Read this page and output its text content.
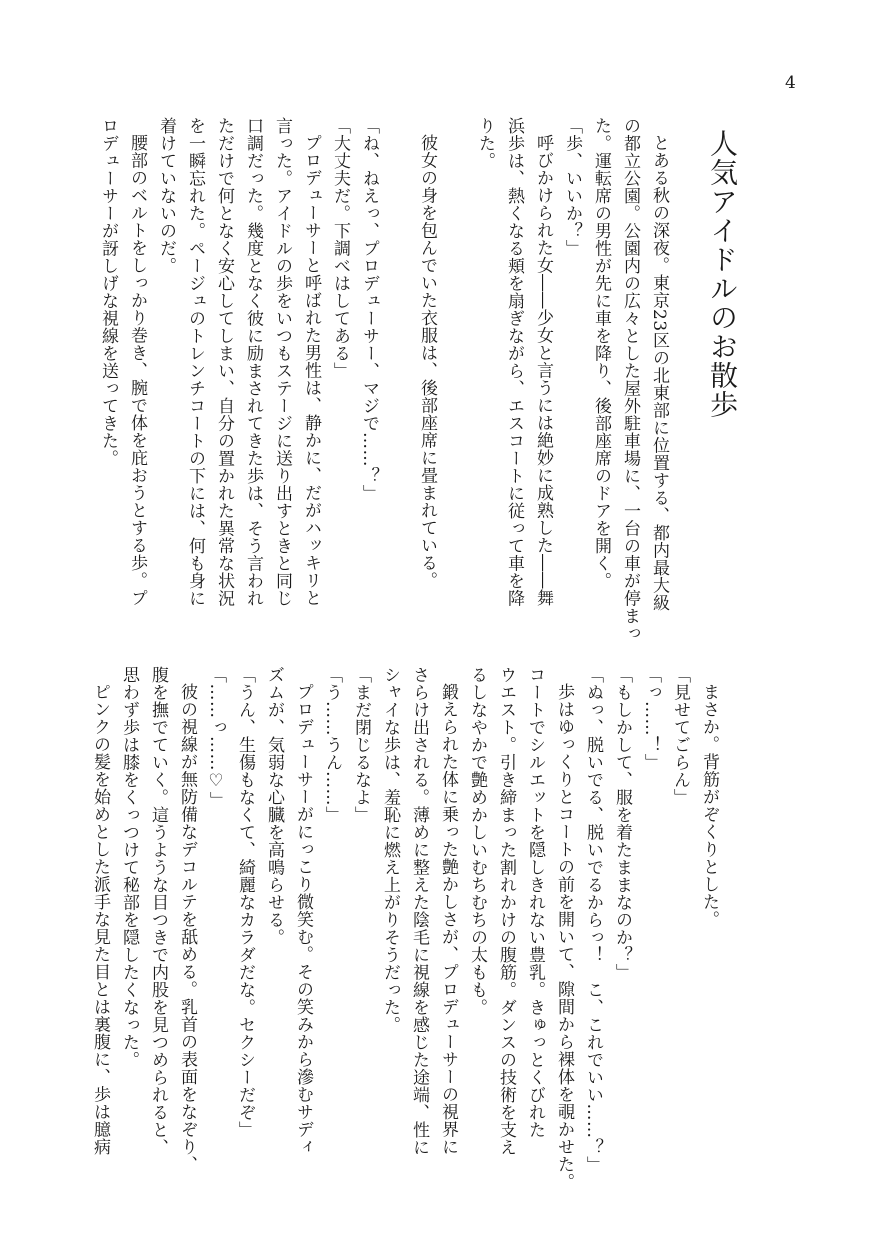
4

人気アイドルのお散歩

とある秋の深夜。東京23区の北東部に位置する、都内最大級
の都立公園。公園内の広々とした屋外駐車場に、一台の車が停まっ
た。運転席の男性が先に車を降り、後部座席のドアを開く。
「歩、いいか？」
呼びかけられた女――少女と言うには絶妙に成熟した――舞
浜歩は、熱くなる頬を扇ぎながら、エスコートに従って車を降
りた。

彼女の身を包んでいた衣服は、後部座席に畳まれている。

「ね、ねえっ、プロデューサー、マジで……？」
「大丈夫だ。下調べはしてある」
プロデューサーと呼ばれた男性は、静かに、だがハッキリと
言った。アイドルの歩をいつもステージに送り出すときと同じ
口調だった。幾度となく彼に励まされてきた歩は、そう言われ
ただけで何となく安心してしまい、自分の置かれた異常な状況
を一瞬忘れた。ページュのトレンチコートの下には、何も身に
着けていないのだ。
腰部のベルトをしっかり巻き、腕で体を庇おうとする歩。プ
ロデューサーが訝しげな視線を送ってきた。

まさか。背筋がぞくりとした。
「見せてごらん」
「っ……！」
「もしかして、服を着たままなのか？」
「ぬっ、脱いでる、脱いでるからっ！　こ、これでいい……？」
歩はゆっくりとコートの前を開いて、隙間から裸体を覗かせた。
コートでシルエットを隠しきれない豊乳。きゅっとくびれた
ウエスト。引き締まった割れかけの腹筋。ダンスの技術を支え
るしなやかで艶めかしいむちむちの太もも。
鍛えられた体に乗った艶かしさが、プロデューサーの視界に
さらけ出される。薄めに整えた陰毛に視線を感じた途端、性に
シャイな歩は、羞恥に燃え上がりそうだった。
「まだ閉じるなよ」
「う……うん……」
プロデューサーがにっこり微笑む。その笑みから滲むサディ
ズムが、気弱な心臓を高鳴らせる。
「うん、生傷もなくて、綺麗なカラダだな。セクシーだぞ」
「……っ……♡」
彼の視線が無防備なデコルテを舐める。乳首の表面をなぞり、
腹を撫でていく。這うような目つきで内股を見つめられると、
思わず歩は膝をくっつけて秘部を隠したくなった。
ピンクの髪を始めとした派手な見た目とは裏腹に、歩は臆病
